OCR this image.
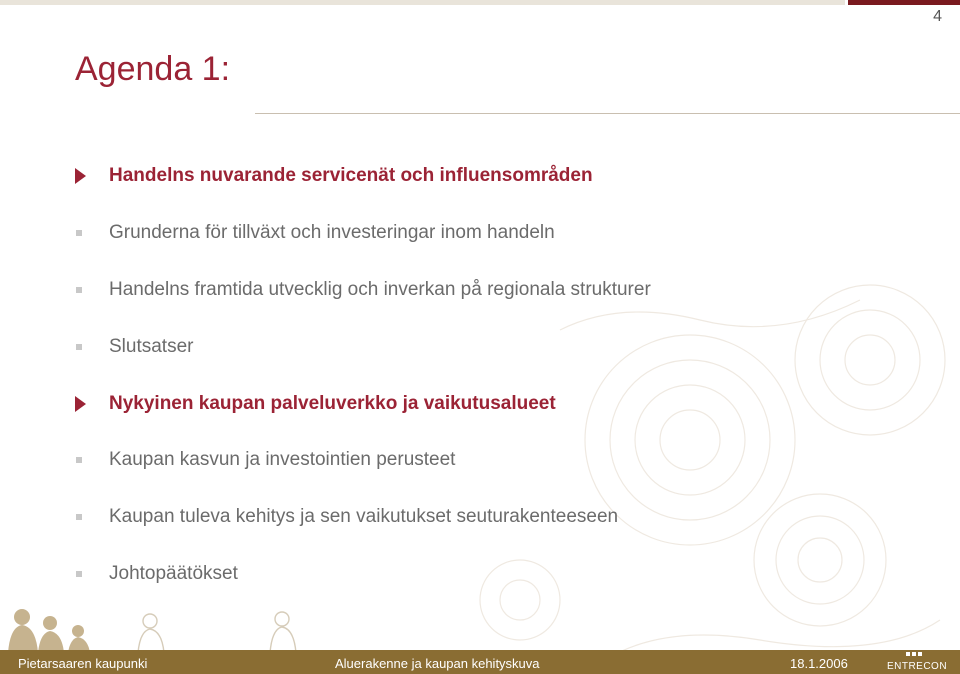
4
Agenda 1:
Handelns nuvarande servicenät och influensområden
Grunderna för tillväxt och investeringar inom handeln
Handelns framtida utvecklig och inverkan på regionala strukturer
Slutsatser
Nykyinen kaupan palveluverkko ja vaikutusalueet
Kaupan kasvun ja investointien perusteet
Kaupan tuleva kehitys ja sen vaikutukset seuturakenteeseen
Johtopäätökset
Pietarsaaren kaupunki	Aluerakenne ja kaupan kehityskuva	18.1.2006	ENTRECON
